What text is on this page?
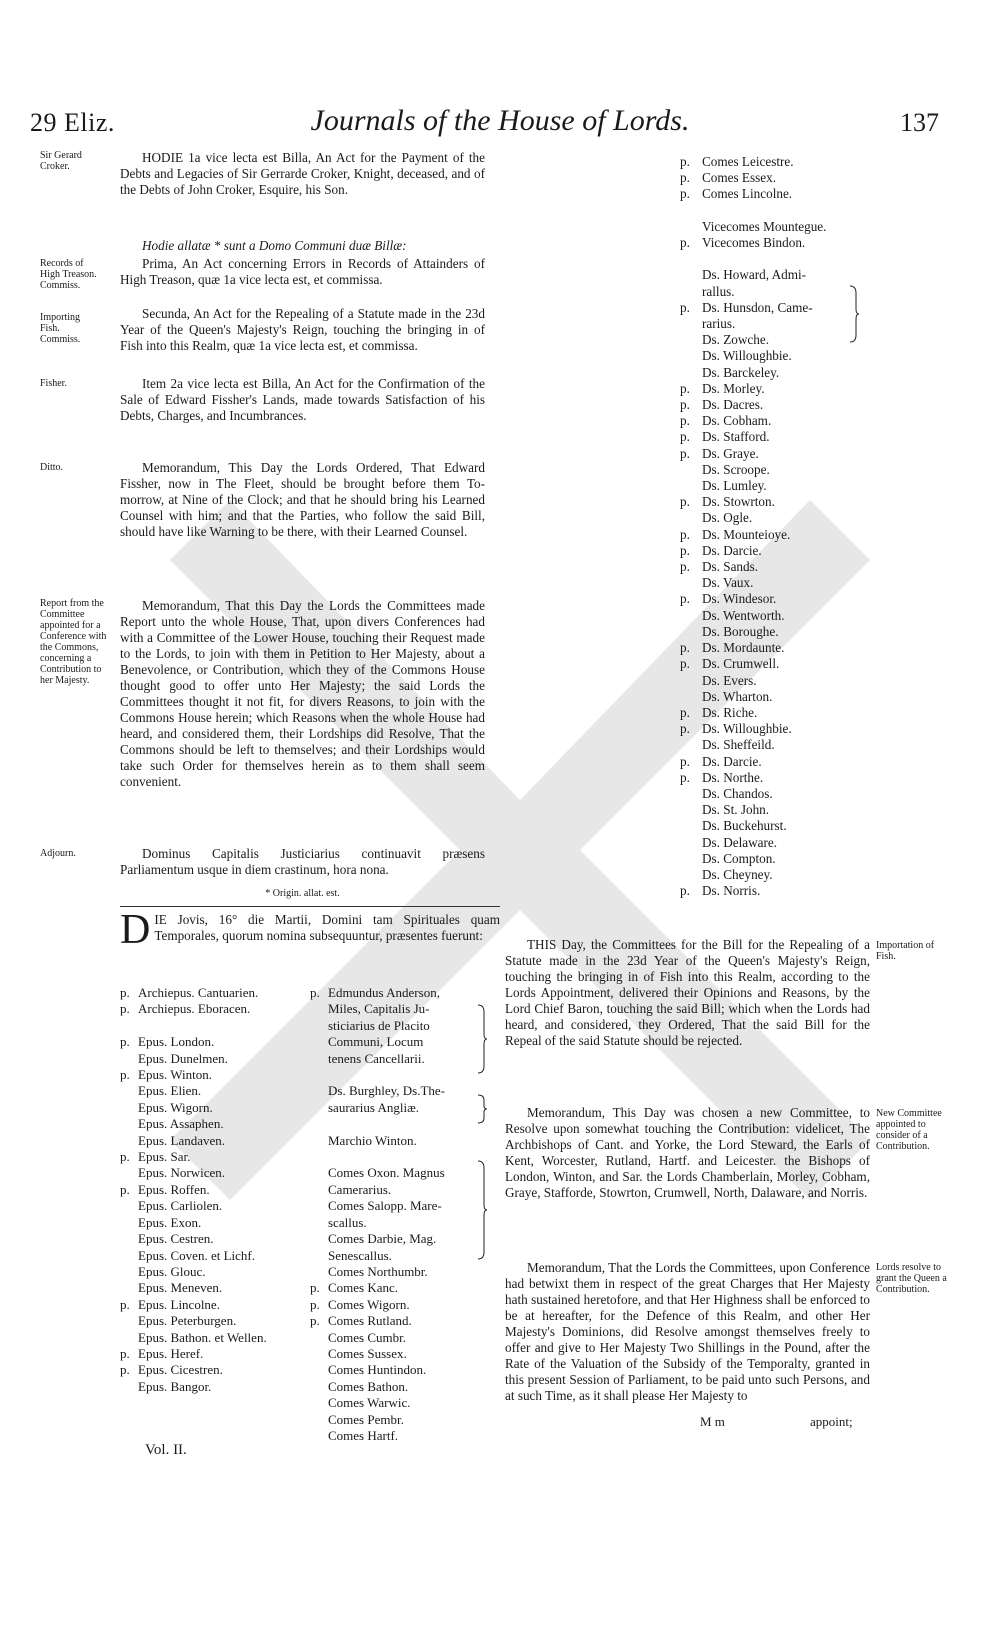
29 Eliz.	Journals of the House of Lords.	137
Sir Gerard Croker.
Records of High Treason. Commiss.
Importing Fish. Commiss.
Fisher.
Ditto.
Report from the Committee appointed for a Conference with the Commons, concerning a Contribution to her Majesty.
Adjourn.
HODIE 1a vice lecta est Billa, An Act for the Payment of the Debts and Legacies of Sir Gerrarde Croker, Knight, deceased, and of the Debts of John Croker, Esquire, his Son.
Hodie allatæ * sunt a Domo Communi duæ Billæ:
Prima, An Act concerning Errors in Records of Attainders of High Treason, quæ 1a vice lecta est, et commissa.
Secunda, An Act for the Repealing of a Statute made in the 23d Year of the Queen's Majesty's Reign, touching the bringing in of Fish into this Realm, quæ 1a vice lecta est, et commissa.
Item 2a vice lecta est Billa, An Act for the Confirmation of the Sale of Edward Fissher's Lands, made towards Satisfaction of his Debts, Charges, and Incumbrances.
Memorandum, This Day the Lords Ordered, That Edward Fissher, now in The Fleet, should be brought before them To-morrow, at Nine of the Clock; and that he should bring his Learned Counsel with him; and that the Parties, who follow the said Bill, should have like Warning to be there, with their Learned Counsel.
Memorandum, That this Day the Lords the Committees made Report unto the whole House, That, upon divers Conferences had with a Committee of the Lower House, touching their Request made to the Lords, to join with them in Petition to Her Majesty, about a Benevolence, or Contribution, which they of the Commons House thought good to offer unto Her Majesty; the said Lords the Committees thought it not fit, for divers Reasons, to join with the Commons House herein; which Reasons when the whole House had heard, and considered them, their Lordships did Resolve, That the Commons should be left to themselves; and their Lordships would take such Order for themselves herein as to them shall seem convenient.
Dominus Capitalis Justiciarius continuavit præsens Parliamentum usque in diem crastinum, hora nona.
* Origin. allat. est.
p. Comes Leicestre.
p. Comes Essex.
p. Comes Lincolne.

Vicecomes Mountegue.
p. Vicecomes Bindon.

Ds. Howard, Admi-
rallus.
p. Ds. Hunsdon, Came-
rarius.
Ds. Zowche.
Ds. Willoughbie.
Ds. Barckeley.
p. Ds. Morley.
p. Ds. Dacres.
p. Ds. Cobham.
p. Ds. Stafford.
p. Ds. Graye.
Ds. Scroope.
Ds. Lumley.
p. Ds. Stowrton.
Ds. Ogle.
p. Ds. Mounteioye.
p. Ds. Darcie.
p. Ds. Sands.
Ds. Vaux.
p. Ds. Windesor.
Ds. Wentworth.
Ds. Boroughe.
p. Ds. Mordaunte.
p. Ds. Crumwell.
Ds. Evers.
Ds. Wharton.
p. Ds. Riche.
p. Ds. Willoughbie.
Ds. Sheffeild.
p. Ds. Darcie.
p. Ds. Northe.
Ds. Chandos.
Ds. St. John.
Ds. Buckehurst.
Ds. Delaware.
Ds. Compton.
Ds. Cheyney.
p. Ds. Norris.
D IE Jovis, 16° die Martii, Domini tam Spirituales quam Temporales, quorum nomina subsequuntur, præsentes fuerunt:
p. Archiepus. Cantuarien.
p. Archiepus. Eboracen.

p. Epus. London.
Epus. Dunelmen.
p. Epus. Winton.
Epus. Elien.
Epus. Wigorn.
Epus. Assaphen.
Epus. Landaven.
p. Epus. Sar.
Epus. Norwicen.
p. Epus. Roffen.
Epus. Carliolen.
Epus. Exon.
Epus. Cestren.
Epus. Coven. et Lichf.
Epus. Glouc.
Epus. Meneven.
p. Epus. Lincolne.
Epus. Peterburgen.
Epus. Bathon. et Wellen.
p. Epus. Heref.
p. Epus. Cicestren.
Epus. Bangor.
p. Edmundus Anderson,
Miles, Capitalis Ju-
sticiarius de Placito
Communi, Locum
tenens Cancellarii.

Ds. Burghley, Ds.The-
saurarius Angliæ.

Marchio Winton.

Comes Oxon. Magnus
Camerarius.
Comes Salopp. Mare-
scallus.
Comes Darbie, Mag.
Senescallus.
Comes Northumbr.
p. Comes Kanc.
p. Comes Wigorn.
p. Comes Rutland.
Comes Cumbr.
Comes Sussex.
Comes Huntindon.
Comes Bathon.
Comes Warwic.
Comes Pembr.
Comes Hartf.
THIS Day, the Committees for the Bill for the Repealing of a Statute made in the 23d Year of the Queen's Majesty's Reign, touching the bringing in of Fish into this Realm, according to the Lords Appointment, delivered their Opinions and Reasons, by the Lord Chief Baron, touching the said Bill; which when the Lords had heard, and considered, they Ordered, That the said Bill for the Repeal of the said Statute should be rejected.
Memorandum, This Day was chosen a new Committee, to Resolve upon somewhat touching the Contribution: videlicet, The Archbishops of Cant. and Yorke, the Lord Steward, the Earls of Kent, Worcester, Rutland, Hartf. and Leicester. the Bishops of London, Winton, and Sar. the Lords Chamberlain, Morley, Cobham, Graye, Stafforde, Stowrton, Crumwell, North, Dalaware, and Norris.
Memorandum, That the Lords the Committees, upon Conference had betwixt them in respect of the great Charges that Her Majesty hath sustained heretofore, and that Her Highness shall be enforced to be at hereafter, for the Defence of this Realm, and other Her Majesty's Dominions, did Resolve amongst themselves freely to offer and give to Her Majesty Two Shillings in the Pound, after the Rate of the Valuation of the Subsidy of the Temporalty, granted in this present Session of Parliament, to be paid unto such Persons, and at such Time, as it shall please Her Majesty to
Importation of Fish.
New Committee appointed to consider of a Contribution.
Lords resolve to grant the Queen a Contribution.
Vol. II.
M m	appoint;
